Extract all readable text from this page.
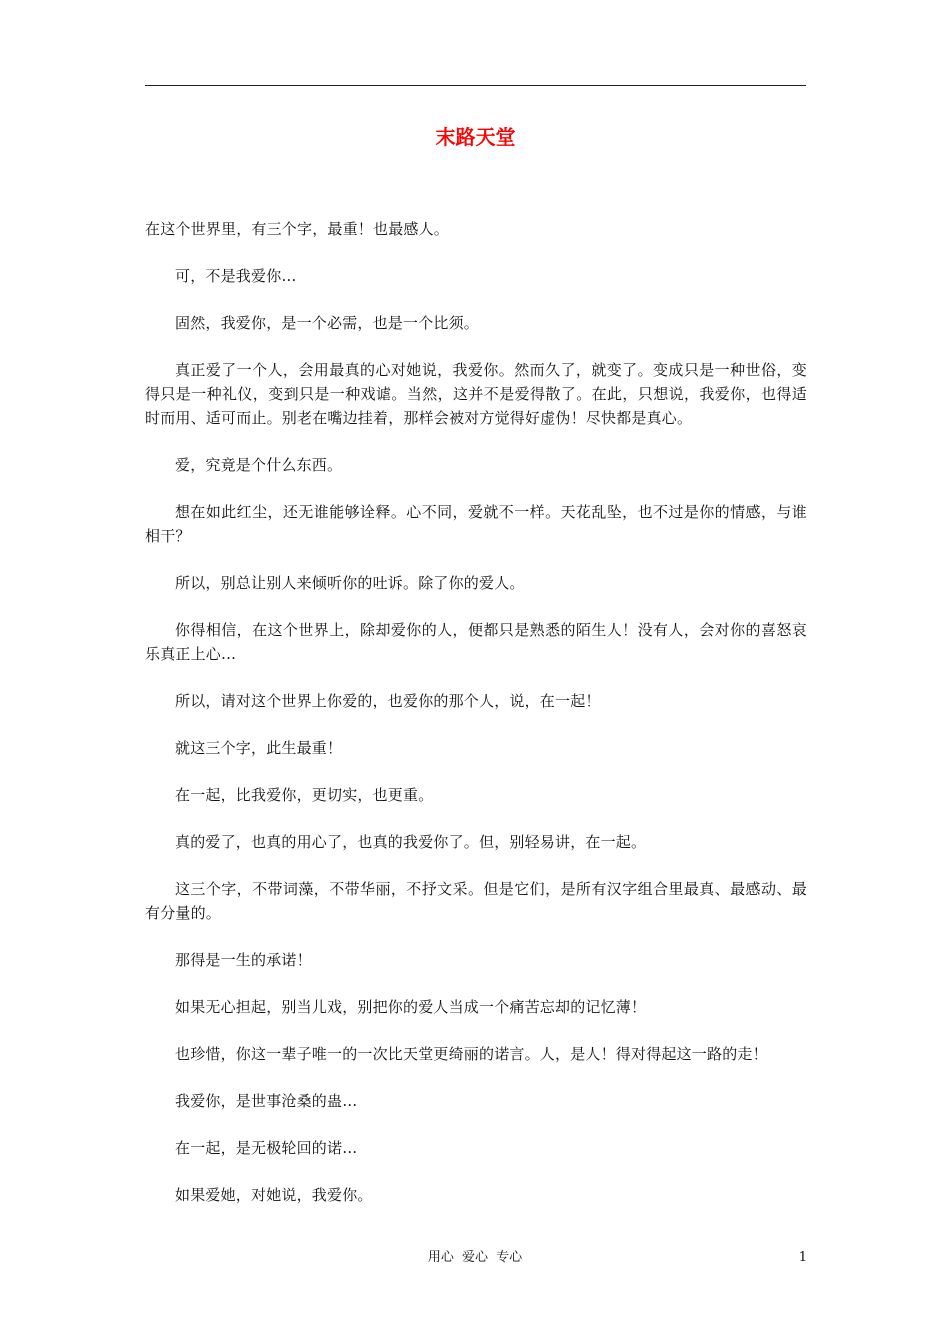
末路天堂

在这个世界里，有三个字，最重！也最感人。

可，不是我爱你…

固然，我爱你，是一个必需，也是一个比须。

真正爱了一个人，会用最真的心对她说，我爱你。然而久了，就变了。变成只是一种世俗，变得只是一种礼仪，变到只是一种戏谑。当然，这并不是爱得散了。在此，只想说，我爱你，也得适时而用、适可而止。别老在嘴边挂着，那样会被对方觉得好虚伪！尽快都是真心。

爱，究竟是个什么东西。

想在如此红尘，还无谁能够诠释。心不同，爱就不一样。天花乱坠，也不过是你的情感，与谁相干？

所以，别总让别人来倾听你的吐诉。除了你的爱人。

你得相信，在这个世界上，除却爱你的人，便都只是熟悉的陌生人！没有人，会对你的喜怒哀乐真正上心…

所以，请对这个世界上你爱的，也爱你的那个人，说，在一起！

就这三个字，此生最重！

在一起，比我爱你，更切实，也更重。

真的爱了，也真的用心了，也真的我爱你了。但，别轻易讲，在一起。

这三个字，不带词藻，不带华丽，不抒文采。但是它们，是所有汉字组合里最真、最感动、最有分量的。

那得是一生的承诺！

如果无心担起，别当儿戏，别把你的爱人当成一个痛苦忘却的记忆薄！

也珍惜，你这一辈子唯一的一次比天堂更绮丽的诺言。人，是人！得对得起这一路的走！

我爱你，是世事沧桑的蛊…

在一起，是无极轮回的诺…

如果爱她，对她说，我爱你。

用心 爱心 专心	1
